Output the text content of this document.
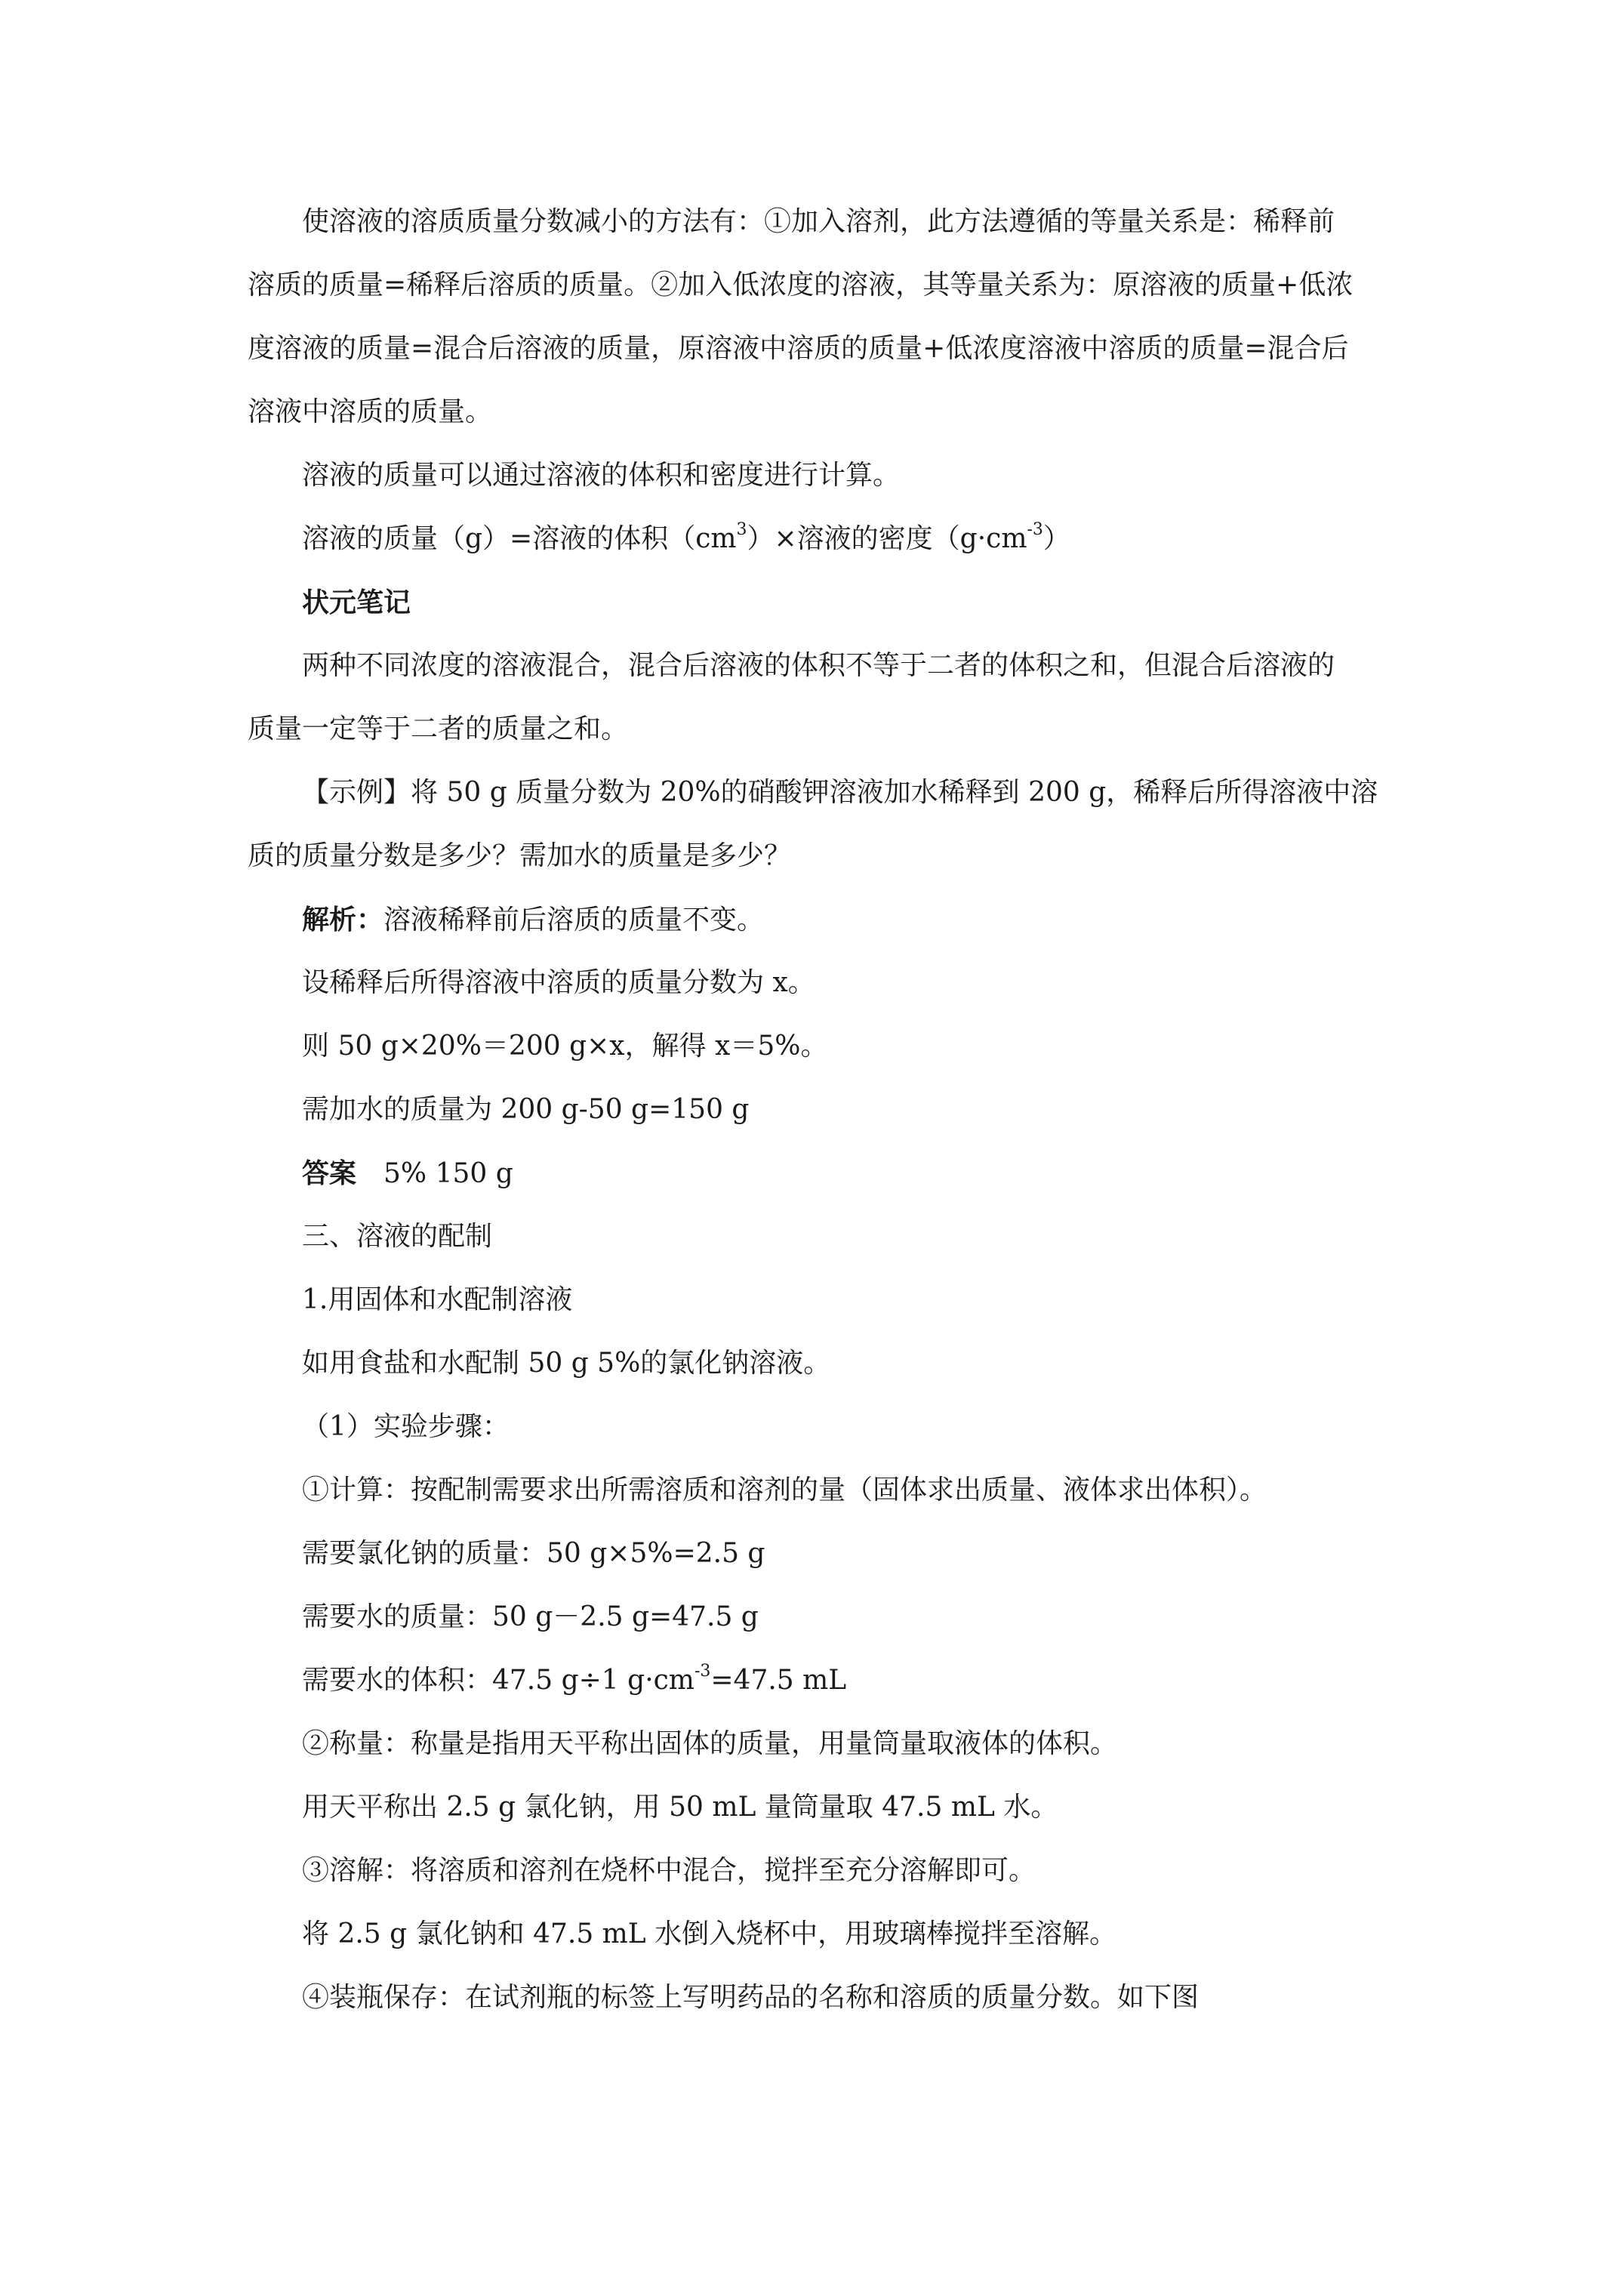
使溶液的溶质质量分数减小的方法有：①加入溶剂，此方法遵循的等量关系是：稀释前
溶质的质量=稀释后溶质的质量。②加入低浓度的溶液，其等量关系为：原溶液的质量+低浓
度溶液的质量=混合后溶液的质量，原溶液中溶质的质量+低浓度溶液中溶质的质量=混合后
溶液中溶质的质量。
溶液的质量可以通过溶液的体积和密度进行计算。
溶液的质量（g）=溶液的体积$(cm^3)\times$溶液的密度$(g\cdot cm^{-3})$
状元笔记
两种不同浓度的溶液混合，混合后溶液的体积不等于二者的体积之和，但混合后溶液的
质量一定等于二者的质量之和。
【示例】将 50 g 质量分数为 20%的硝酸钾溶液加水稀释到 200 g，稀释后所得溶液中溶
质的质量分数是多少？需加水的质量是多少？
解析：溶液稀释前后溶质的质量不变。
设稀释后所得溶液中溶质的质量分数为 x。
则 50 g×20%＝200 g×x，解得 x＝5%。
需加水的质量为 200 g-50 g=150 g
答案 5% 150 g
三、溶液的配制
1.用固体和水配制溶液
如用食盐和水配制 50 g 5%的氯化钠溶液。
（1）实验步骤：
①计算：按配制需要求出所需溶质和溶剂的量（固体求出质量、液体求出体积）。
需要氯化钠的质量：50 g×5%=2.5 g
需要水的质量：50 g－2.5 g=47.5 g
需要水的体积：47.5 g÷1 $g\cdot cm^{-3}=47.5$ mL
②称量：称量是指用天平称出固体的质量，用量筒量取液体的体积。
用天平称出 2.5 g 氯化钠，用 50 mL 量筒量取 47.5 mL 水。
③溶解：将溶质和溶剂在烧杯中混合，搅拌至充分溶解即可。
将 2.5 g 氯化钠和 47.5 mL 水倒入烧杯中，用玻璃棒搅拌至溶解。
④装瓶保存：在试剂瓶的标签上写明药品的名称和溶质的质量分数。如下图
